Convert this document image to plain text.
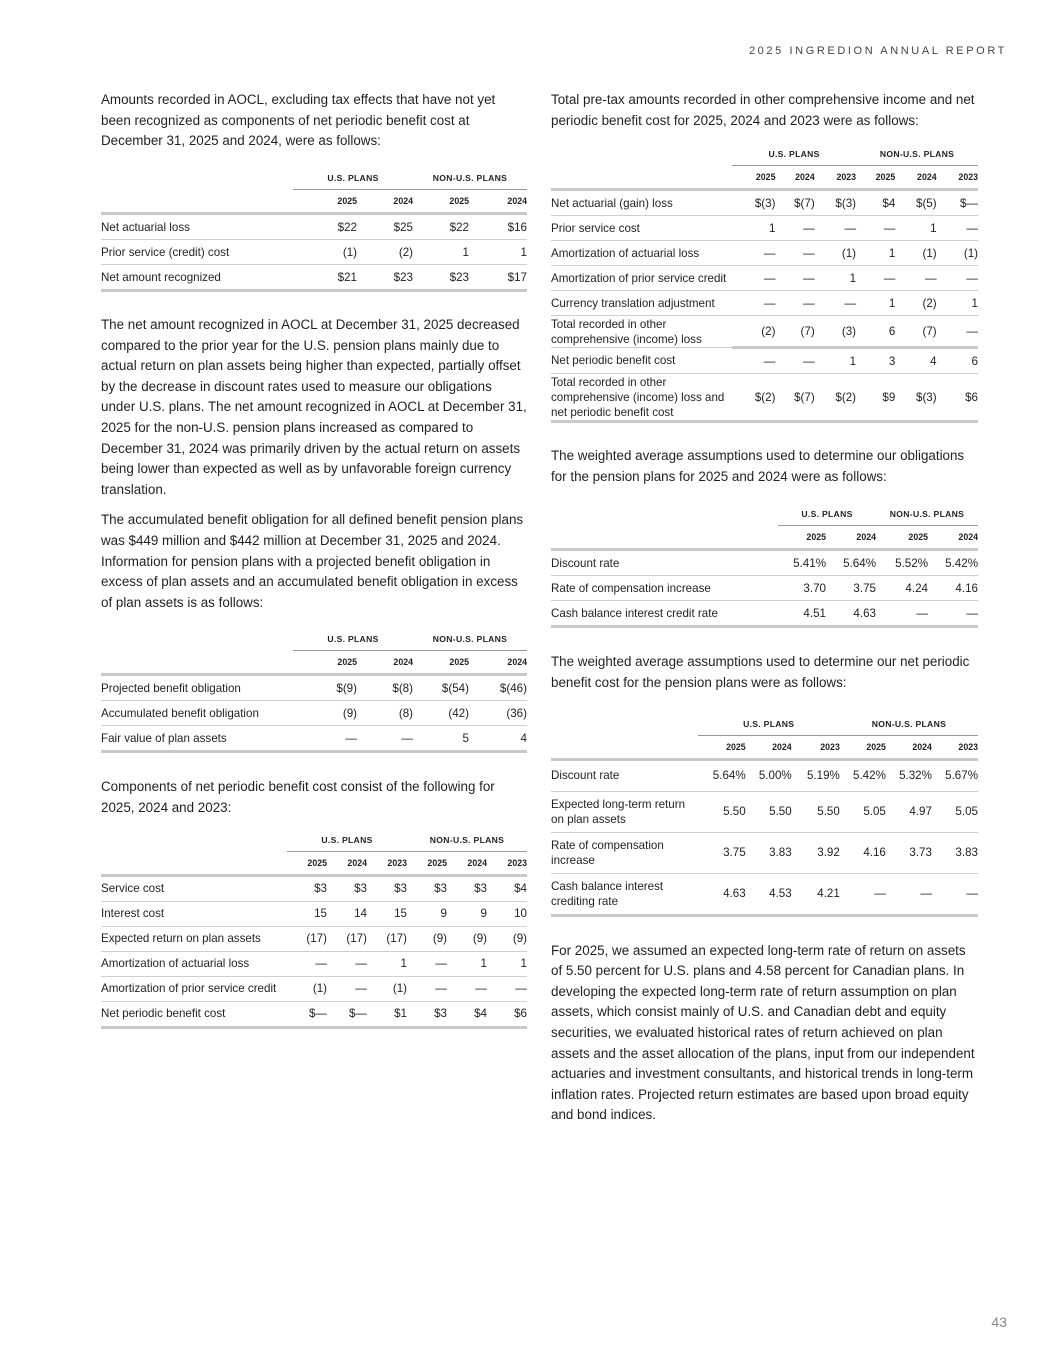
2025 INGREDION ANNUAL REPORT

Amounts recorded in AOCL, excluding tax effects that have not yet been recognized as components of net periodic benefit cost at December 31, 2025 and 2024, were as follows:

	U.S. PLANS		NON-U.S. PLANS	
	2025	2024	2025	2024
Net actuarial loss	$22	$25	$22	$16
Prior service (credit) cost	(1)	(2)	1	1
Net amount recognized	$21	$23	$23	$17

The net amount recognized in AOCL at December 31, 2025 decreased compared to the prior year for the U.S. pension plans mainly due to actual return on plan assets being higher than expected, partially offset by the decrease in discount rates used to measure our obligations under U.S. plans. The net amount recognized in AOCL at December 31, 2025 for the non-U.S. pension plans increased as compared to December 31, 2024 was primarily driven by the actual return on assets being lower than expected as well as by unfavorable foreign currency translation.

The accumulated benefit obligation for all defined benefit pension plans was $449 million and $442 million at December 31, 2025 and 2024. Information for pension plans with a projected benefit obligation in excess of plan assets and an accumulated benefit obligation in excess of plan assets is as follows:

	U.S. PLANS		NON-U.S. PLANS	
	2025	2024	2025	2024
Projected benefit obligation	$(9)	$(8)	$(54)	$(46)
Accumulated benefit obligation	(9)	(8)	(42)	(36)
Fair value of plan assets	—	—	5	4

Components of net periodic benefit cost consist of the following for 2025, 2024 and 2023:

	U.S. PLANS			NON-U.S. PLANS		
	2025	2024	2023	2025	2024	2023
Service cost	$3	$3	$3	$3	$3	$4
Interest cost	15	14	15	9	9	10
Expected return on plan assets	(17)	(17)	(17)	(9)	(9)	(9)
Amortization of actuarial loss	—	—	1	—	1	1
Amortization of prior service credit	(1)	—	(1)	—	—	—
Net periodic benefit cost	$—	$—	$1	$3	$4	$6

Total pre-tax amounts recorded in other comprehensive income and net periodic benefit cost for 2025, 2024 and 2023 were as follows:

	U.S. PLANS			NON-U.S. PLANS		
	2025	2024	2023	2025	2024	2023
Net actuarial (gain) loss	$(3)	$(7)	$(3)	$4	$(5)	$—
Prior service cost	1	—	—	—	1	—
Amortization of actuarial loss	—	—	(1)	1	(1)	(1)
Amortization of prior service credit	—	—	1	—	—	—
Currency translation adjustment	—	—	—	1	(2)	1
Total recorded in other comprehensive (income) loss	(2)	(7)	(3)	6	(7)	—
Net periodic benefit cost	—	—	1	3	4	6
Total recorded in other comprehensive (income) loss and net periodic benefit cost	$(2)	$(7)	$(2)	$9	$(3)	$6

The weighted average assumptions used to determine our obligations for the pension plans for 2025 and 2024 were as follows:

	U.S. PLANS		NON-U.S. PLANS	
	2025	2024	2025	2024
Discount rate	5.41%	5.64%	5.52%	5.42%
Rate of compensation increase	3.70	3.75	4.24	4.16
Cash balance interest credit rate	4.51	4.63	—	—

The weighted average assumptions used to determine our net periodic benefit cost for the pension plans were as follows:

	U.S. PLANS			NON-U.S. PLANS		
	2025	2024	2023	2025	2024	2023
Discount rate	5.64%	5.00%	5.19%	5.42%	5.32%	5.67%
Expected long-term return on plan assets	5.50	5.50	5.50	5.05	4.97	5.05
Rate of compensation increase	3.75	3.83	3.92	4.16	3.73	3.83
Cash balance interest crediting rate	4.63	4.53	4.21	—	—	—

For 2025, we assumed an expected long-term rate of return on assets of 5.50 percent for U.S. plans and 4.58 percent for Canadian plans. In developing the expected long-term rate of return assumption on plan assets, which consist mainly of U.S. and Canadian debt and equity securities, we evaluated historical rates of return achieved on plan assets and the asset allocation of the plans, input from our independent actuaries and investment consultants, and historical trends in long-term inflation rates. Projected return estimates are based upon broad equity and bond indices.

43
